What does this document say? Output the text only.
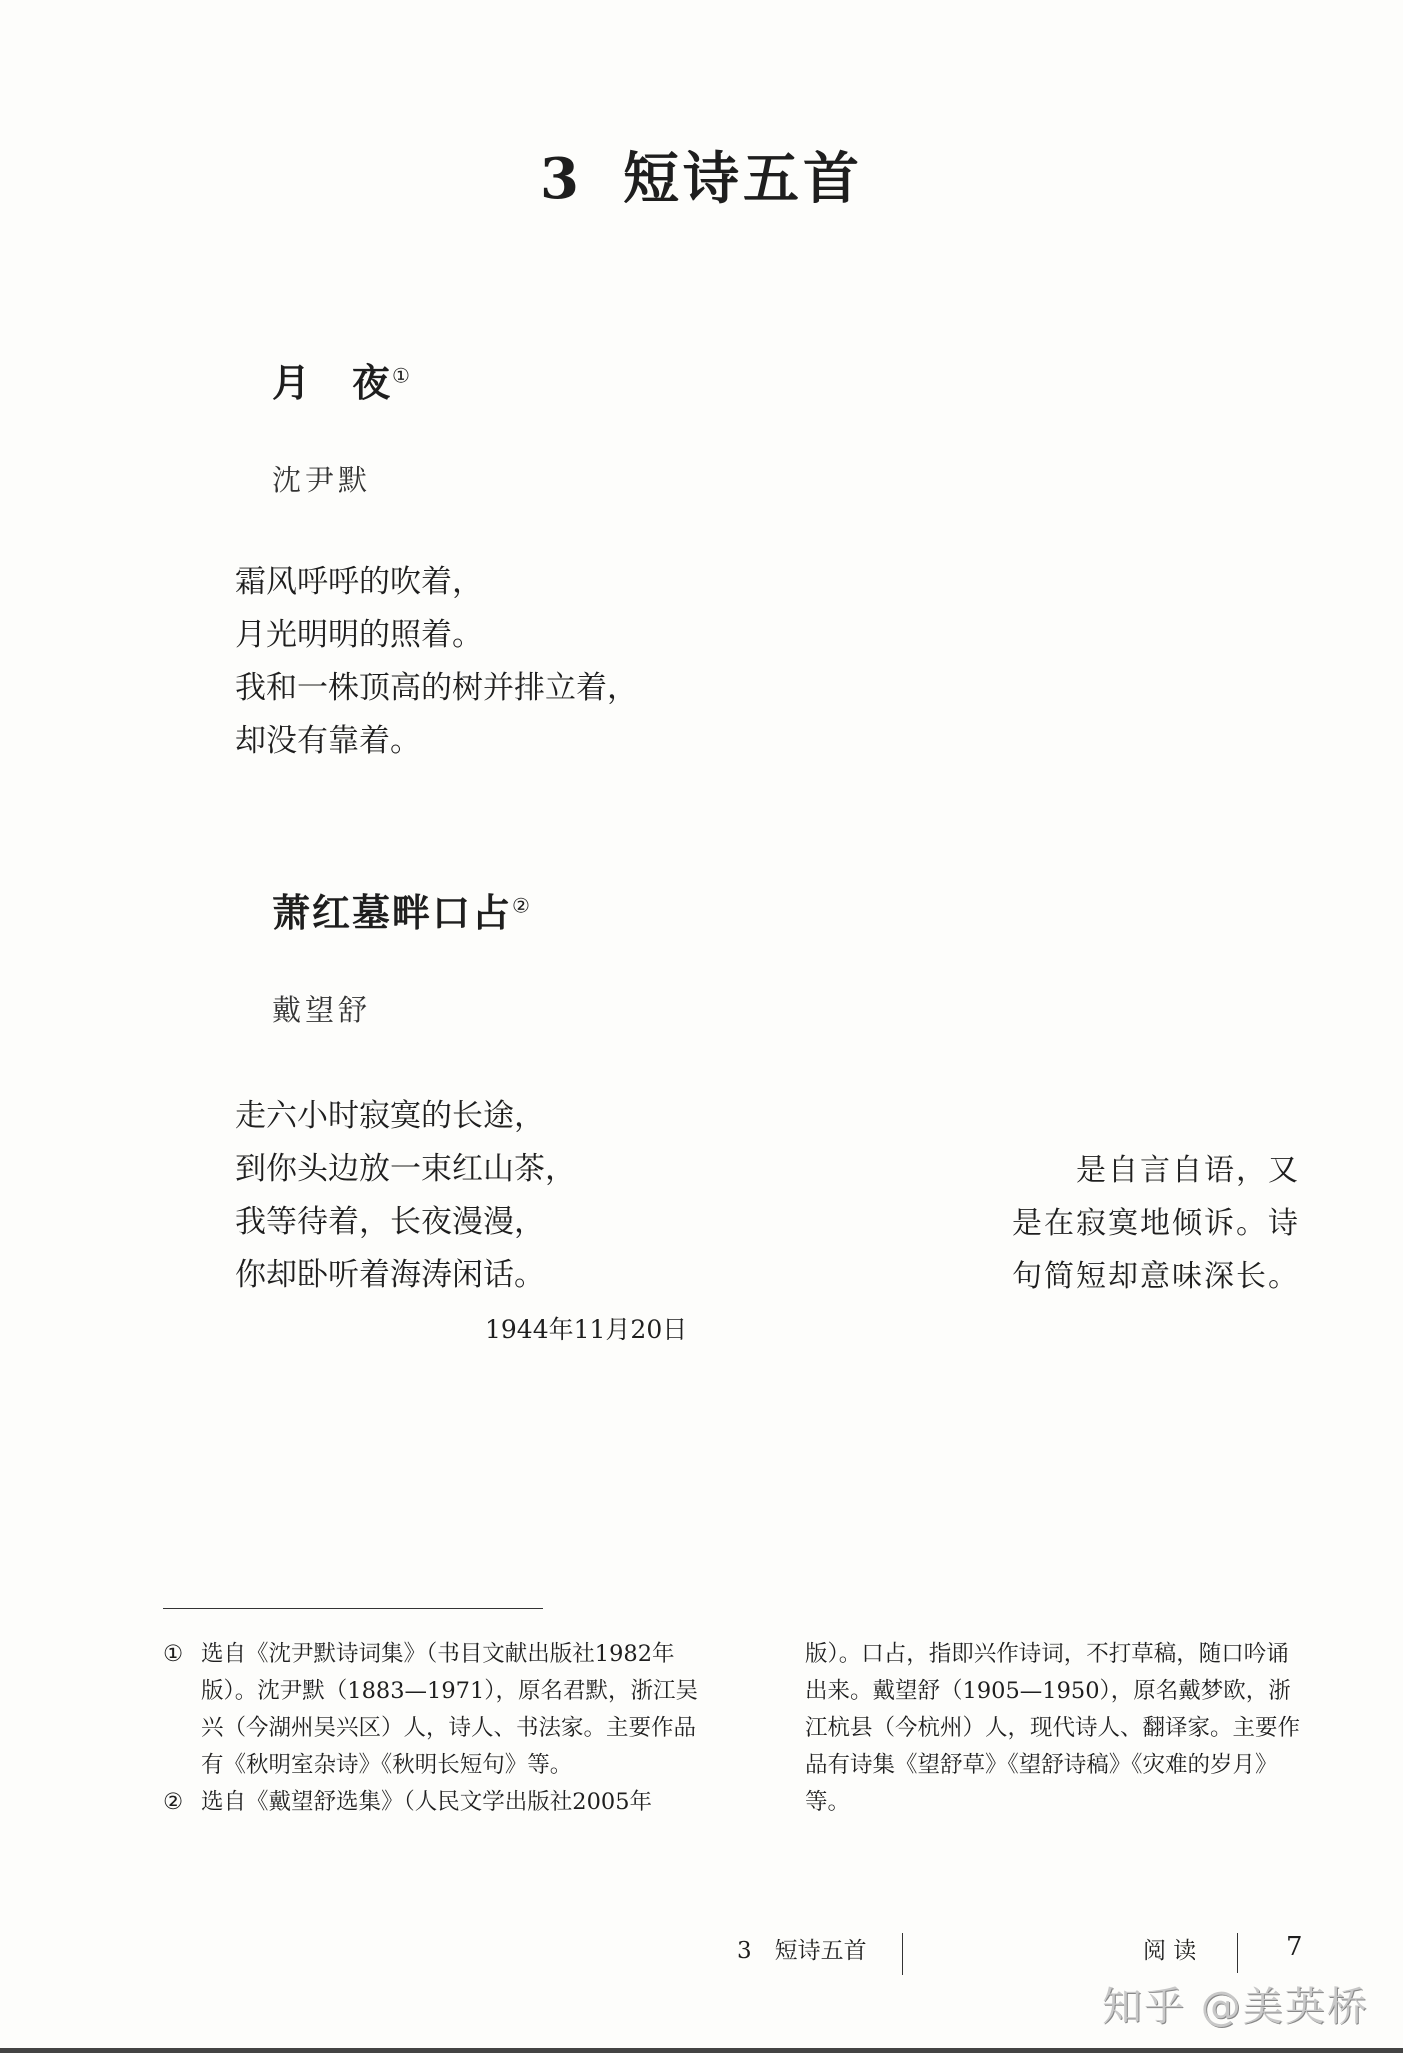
3 短诗五首
月　夜①
沈尹默
霜风呼呼的吹着，
月光明明的照着。
我和一株顶高的树并排立着，
却没有靠着。
萧红墓畔口占②
戴望舒
走六小时寂寞的长途，
到你头边放一束红山茶，
我等待着，长夜漫漫，
你却卧听着海涛闲话。
1944年11月20日
是自言自语，又
是在寂寞地倾诉。诗
句简短却意味深长。
① 选自《沈尹默诗词集》（书目文献出版社1982年版）。沈尹默（1883—1971），原名君默，浙江吴兴（今湖州吴兴区）人，诗人、书法家。主要作品有《秋明室杂诗》《秋明长短句》等。
② 选自《戴望舒选集》（人民文学出版社2005年
版）。口占，指即兴作诗词，不打草稿，随口吟诵出来。戴望舒（1905—1950），原名戴梦欧，浙江杭县（今杭州）人，现代诗人、翻译家。主要作品有诗集《望舒草》《望舒诗稿》《灾难的岁月》等。
3　短诗五首	阅 读	7
知乎 @美英桥
